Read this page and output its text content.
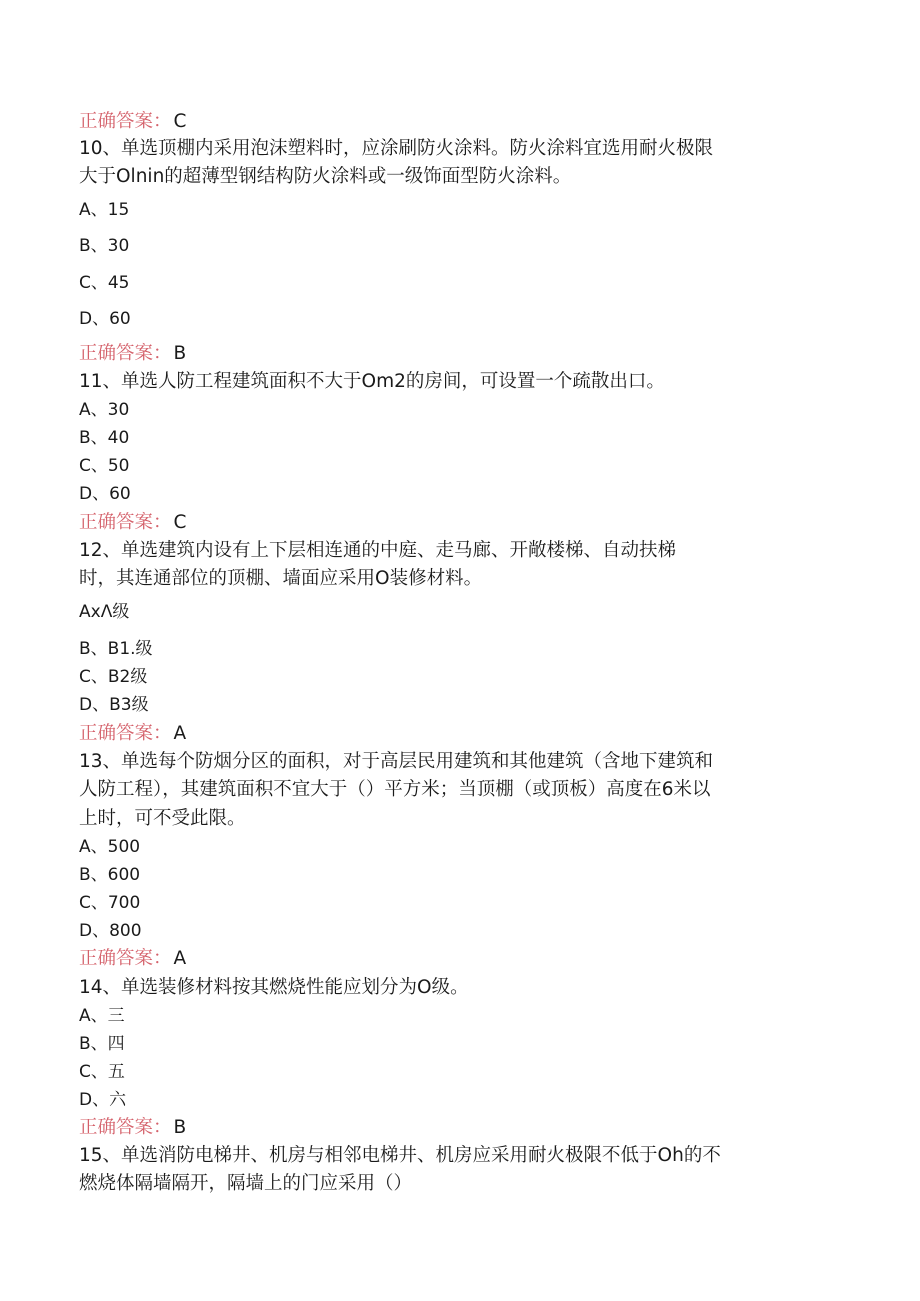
正确答案： C
10、单选顶棚内采用泡沫塑料时，应涂刷防火涂料。防火涂料宜选用耐火极限
大于Olnin的超薄型钢结构防火涂料或一级饰面型防火涂料。
A、15
B、30
C、45
D、60
正确答案： B
11、单选人防工程建筑面积不大于Om2的房间，可设置一个疏散出口。
A、30
B、40
C、50
D、60
正确答案： C
12、单选建筑内设有上下层相连通的中庭、走马廊、开敞楼梯、自动扶梯
时，其连通部位的顶棚、墙面应采用O装修材料。
AxΛ级
B、B1.级
C、B2级
D、B3级
正确答案： A
13、单选每个防烟分区的面积，对于高层民用建筑和其他建筑（含地下建筑和
人防工程），其建筑面积不宜大于（）平方米；当顶棚（或顶板）高度在6米以
上时，可不受此限。
A、500
B、600
C、700
D、800
正确答案： A
14、单选装修材料按其燃烧性能应划分为O级。
A、三
B、四
C、五
D、六
正确答案： B
15、单选消防电梯井、机房与相邻电梯井、机房应采用耐火极限不低于Oh的不
燃烧体隔墙隔开，隔墙上的门应采用（）
